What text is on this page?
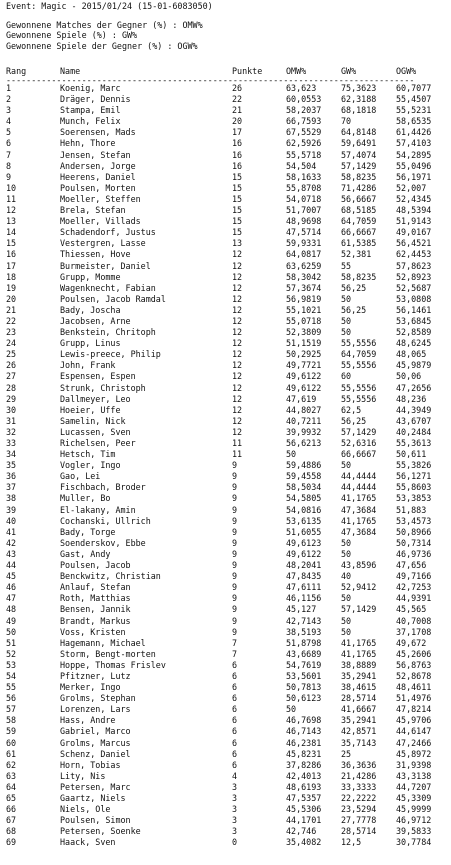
Event: Magic - 2015/01/24 (15-01-6083050)
Gewonnene Matches der Gegner (%) : OMW%
Gewonnene Spiele (%) : GW%
Gewonnene Spiele der Gegner (%) : OGW%
Rang	Name	Punkte	OMW%	GW%	OGW%
---------------------------------------------------------------------------------
1	Koenig, Marc	26	63,623	75,3623 60,7077
2	Dräger, Dennis	22	60,0553 62,3188 55,4507
3	Stampa, Emil	21	58,2037 68,1818 55,5231
4	Munch, Felix	20	66,7593 70	58,6535
5	Soerensen, Mads	17	67,5529 64,8148 61,4426
6	Hehn, Thore	16	62,5926 59,6491 57,4103
7	Jensen, Stefan	16	55,5718 57,4074 54,2895
8	Andersen, Jorge	16	54,504	57,1429 55,0496
9	Heerens, Daniel	15	58,1633 58,8235 56,1971
10	Poulsen, Morten	15	55,8708 71,4286 52,007
11	Moeller, Steffen	15	54,0718 56,6667 52,4345
12	Brela, Stefan	15	51,7007 68,5185 48,5394
13	Moeller, Villads	15	48,9698 64,7059 51,9143
14	Schadendorf, Justus	15	47,5714 66,6667 49,0167
15	Vestergren, Lasse	13	59,9331 61,5385 56,4521
16	Thiessen, Hove	12	64,0817 52,381	62,4453
17	Burmeister, Daniel	12	63,6259 55	57,8623
18	Grupp, Momme	12	58,3042 58,8235 52,8923
19	Wagenknecht, Fabian	12	57,3674 56,25	52,5687
20	Poulsen, Jacob Ramdal	12	56,9819 50	53,0808
21	Bady, Joscha	12	55,1021 56,25	56,1461
22	Jacobsen, Arne	12	55,0718 50	53,6845
23	Benkstein, Chritoph	12	52,3809 50	52,8589
24	Grupp, Linus	12	51,1519 55,5556 48,6245
25	Lewis-preece, Philip	12	50,2925 64,7059 48,065
26	John, Frank	12	49,7721 55,5556 45,9879
27	Espensen, Espen	12	49,6122 60	50,06
28	Strunk, Christoph	12	49,6122 55,5556 47,2656
29	Dallmeyer, Leo	12	47,619	55,5556 48,236
30	Hoeier, Uffe	12	44,8027 62,5	44,3949
31	Samelin, Nick	12	40,7211 56,25	43,6707
32	Lucassen, Sven	12	39,9932 57,1429 40,2484
33	Richelsen, Peer	11	56,6213 52,6316 55,3613
34	Hetsch, Tim	11	50	66,6667 50,611
35	Vogler, Ingo	9	59,4886 50	55,3826
36	Gao, Lei	9	59,4558 44,4444 56,1271
37	Fischbach, Broder	9	58,5034 44,4444 55,8603
38	Muller, Bo	9	54,5805 41,1765 53,3853
39	El-lakany, Amin	9	54,0816 47,3684 51,883
40	Cochanski, Ullrich	9	53,6135 41,1765 53,4573
41	Bady, Torge	9	51,6055 47,3684 50,8966
42	Soenderskov, Ebbe	9	49,6123 50	50,7314
43	Gast, Andy	9	49,6122 50	46,9736
44	Poulsen, Jacob	9	48,2041 43,8596 47,656
45	Benckwitz, Christian	9	47,8435 40	49,7166
46	Anlauf, Stefan	9	47,6111 52,9412 42,7253
47	Roth, Matthias	9	46,1156 50	44,9391
48	Bensen, Jannik	9	45,127	57,1429 45,565
49	Brandt, Markus	9	42,7143 50	40,7008
50	Voss, Kristen	9	38,5193 50	37,1708
51	Hagemann, Michael	7	51,8798 41,1765 49,672
52	Storm, Bengt-morten	7	43,6689 41,1765 45,2606
53	Hoppe, Thomas Frislev	6	54,7619 38,8889 56,8763
54	Pfitzner, Lutz	6	53,5601 35,2941 52,8678
55	Merker, Ingo	6	50,7813 38,4615 48,4611
56	Grolms, Stephan	6	50,6123 28,5714 51,4976
57	Lorenzen, Lars	6	50	41,6667 47,8214
58	Hass, Andre	6	46,7698 35,2941 45,9706
59	Gabriel, Marco	6	46,7143 42,8571 44,6147
60	Grolms, Marcus	6	46,2381 35,7143 47,2466
61	Schenz, Daniel	6	45,8231 25	45,8972
62	Horn, Tobias	6	37,8286 36,3636 31,9398
63	Lity, Nis	4	42,4013 21,4286 43,3138
64	Petersen, Marc	3	48,6193 33,3333 44,7207
65	Gaartz, Niels	3	47,5357 22,2222 45,3309
66	Niels, Ole	3	45,5306 23,5294 45,9999
67	Poulsen, Simon	3	44,1701 27,7778 46,9712
68	Petersen, Soenke	3	42,746	28,5714 39,5833
69	Haack, Sven	0	35,4082 12,5	30,7784
